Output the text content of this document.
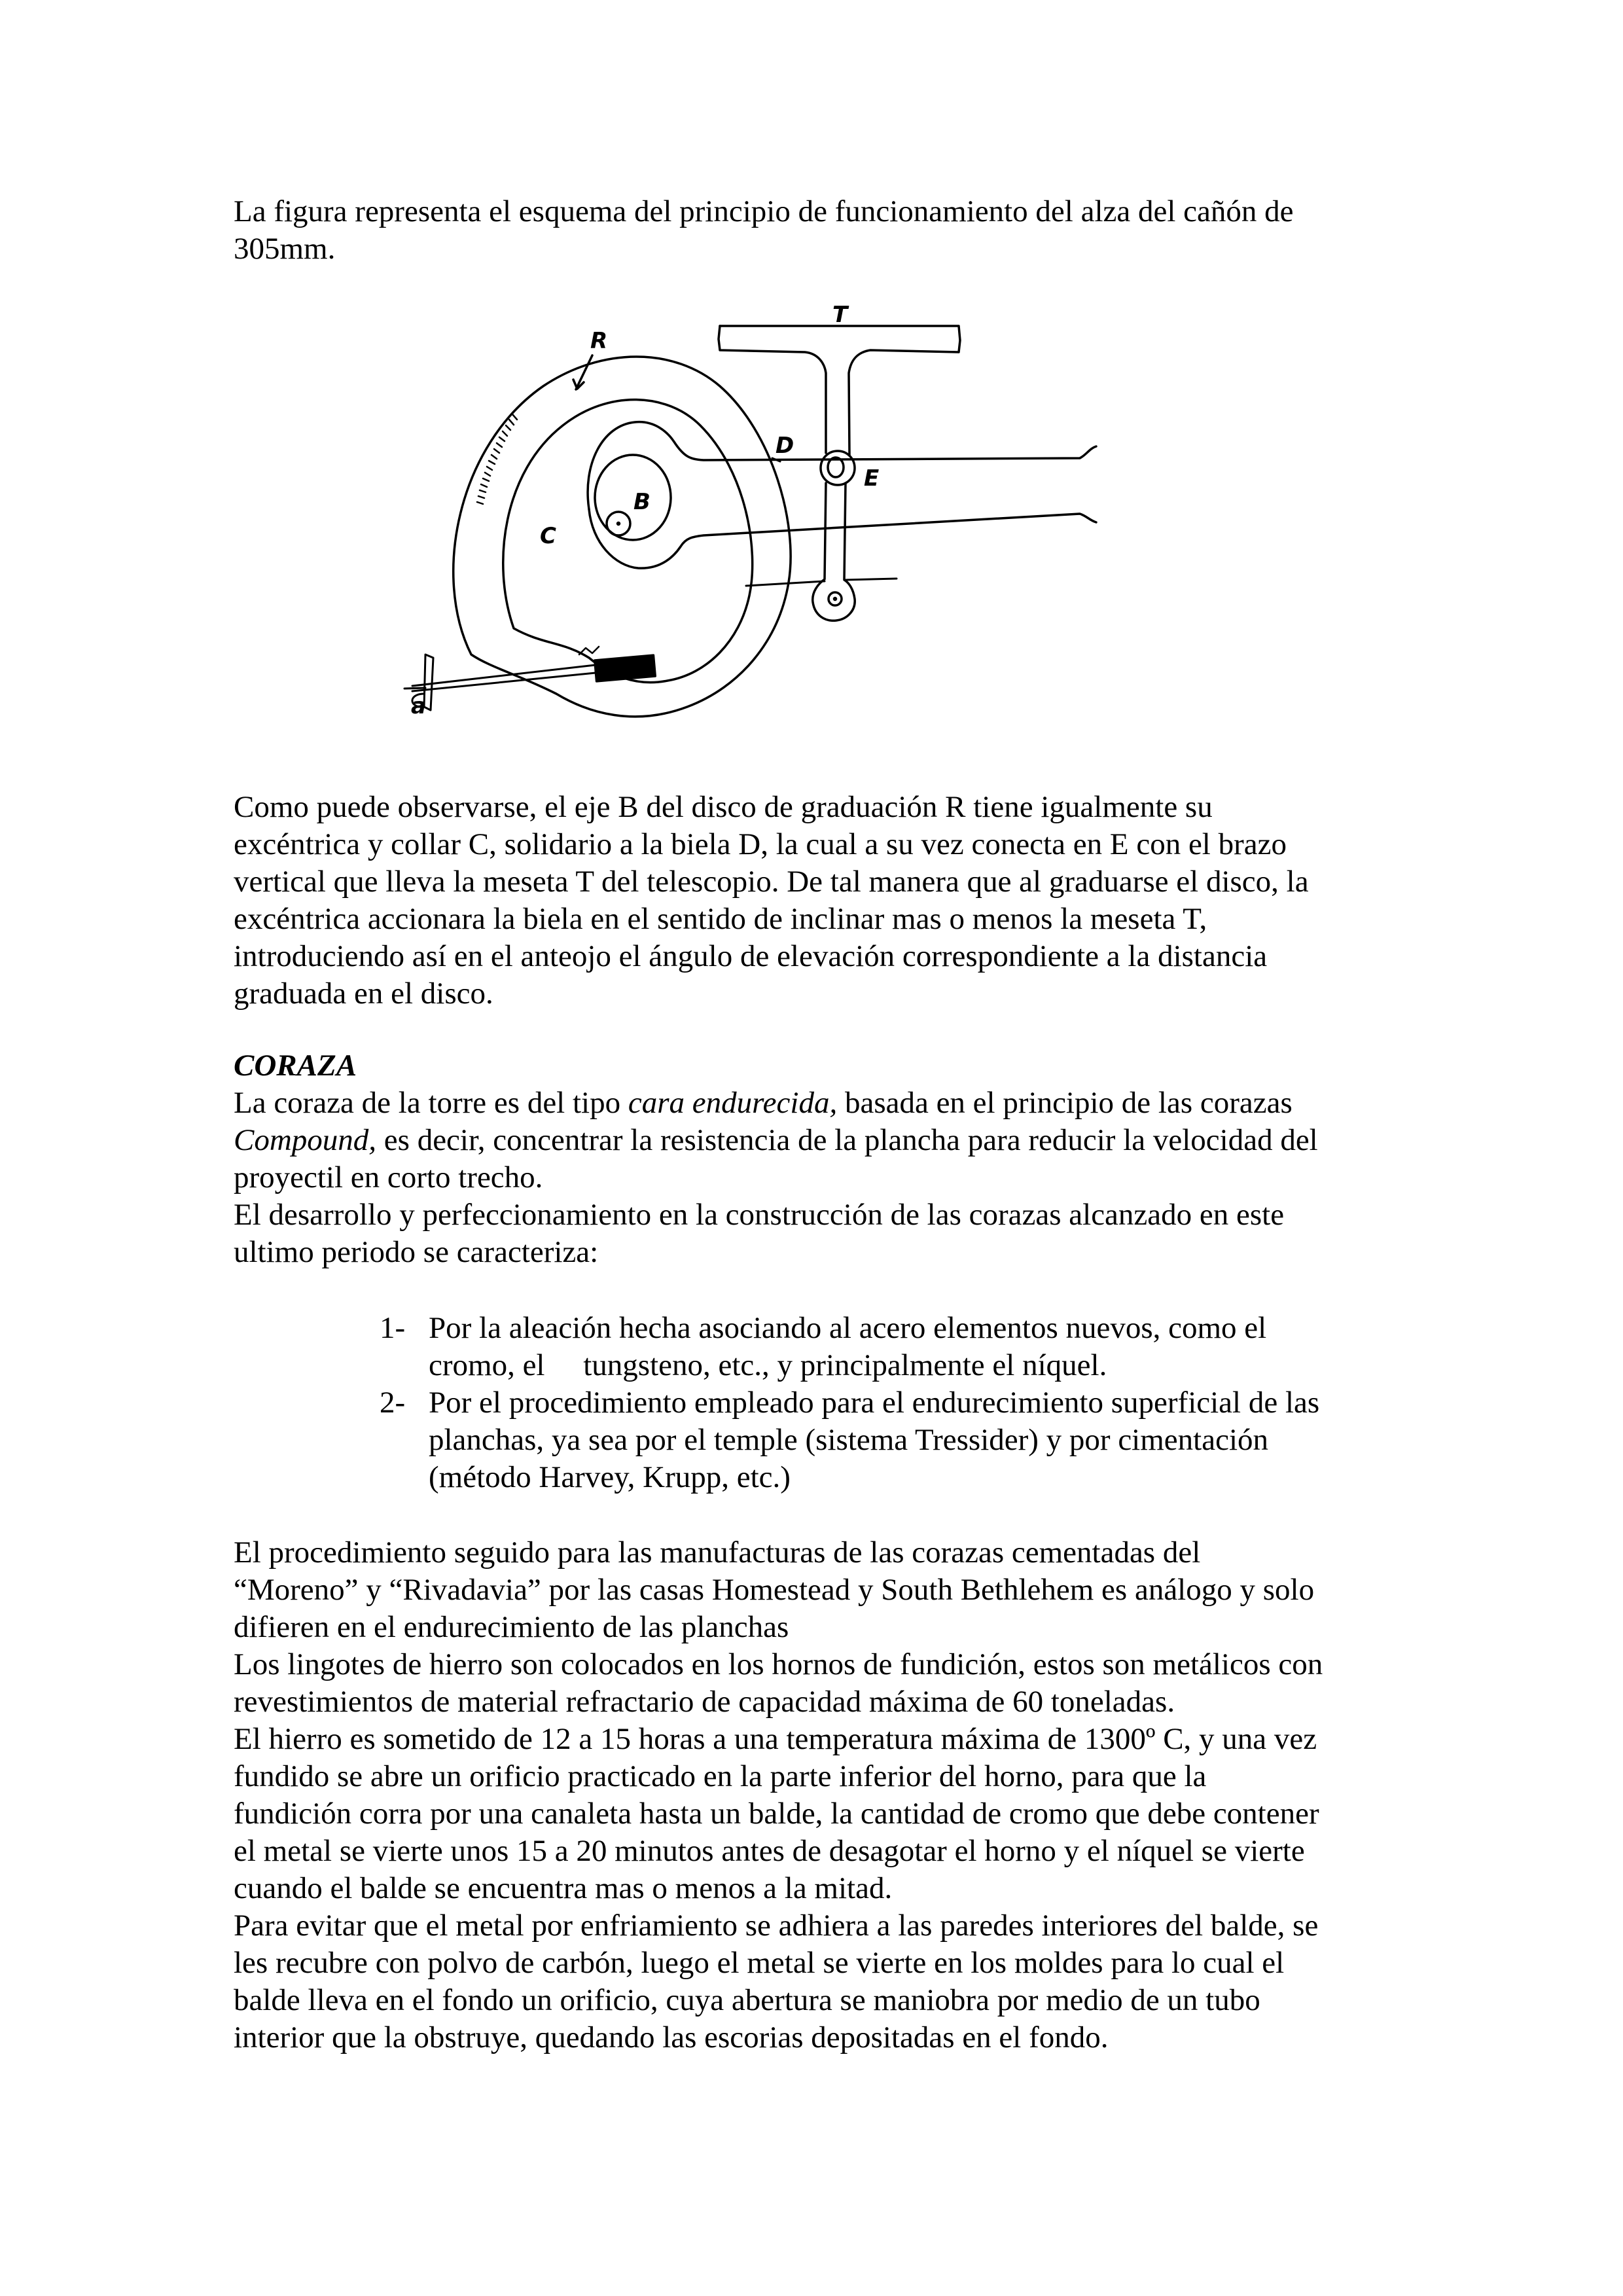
La figura representa el esquema del principio de funcionamiento del alza del cañón de
305mm.
R
B
C
D
E
T
a
Como puede observarse, el eje B del disco de graduación R tiene igualmente su
excéntrica y collar C, solidario a la biela D, la cual a su vez conecta en E con el brazo
vertical que lleva la meseta T del telescopio. De tal manera que al graduarse el disco, la
excéntrica accionara la biela en el sentido de inclinar mas o menos la meseta T,
introduciendo así en el anteojo el ángulo de elevación correspondiente a la distancia
graduada en el disco.
CORAZA
La coraza de la torre es del tipo cara endurecida, basada en el principio de las corazas
Compound, es decir, concentrar la resistencia de la plancha para reducir la velocidad del
proyectil en corto trecho.
El desarrollo y perfeccionamiento en la construcción de las corazas alcanzado en este
ultimo periodo se caracteriza:
1- Por la aleación hecha asociando al acero elementos nuevos, como el
cromo, el     tungsteno, etc., y principalmente el níquel.
2- Por el procedimiento empleado para el endurecimiento superficial de las
planchas, ya sea por el temple (sistema Tressider) y por cimentación
(método Harvey, Krupp, etc.)
El procedimiento seguido para las manufacturas de las corazas cementadas del
“Moreno” y “Rivadavia” por las casas Homestead y South Bethlehem es análogo y solo
difieren en el endurecimiento de las planchas
Los lingotes de hierro son colocados en los hornos de fundición, estos son metálicos con
revestimientos de material refractario de capacidad máxima de 60 toneladas.
El hierro es sometido de 12 a 15 horas a una temperatura máxima de 1300º C, y una vez
fundido se abre un orificio practicado en la parte inferior del horno, para que la
fundición corra por una canaleta hasta un balde, la cantidad de cromo que debe contener
el metal se vierte unos 15 a 20 minutos antes de desagotar el horno y el níquel se vierte
cuando el balde se encuentra mas o menos a la mitad.
Para evitar que el metal por enfriamiento se adhiera a las paredes interiores del balde, se
les recubre con polvo de carbón, luego el metal se vierte en los moldes para lo cual el
balde lleva en el fondo un orificio, cuya abertura se maniobra por medio de un tubo
interior que la obstruye, quedando las escorias depositadas en el fondo.
